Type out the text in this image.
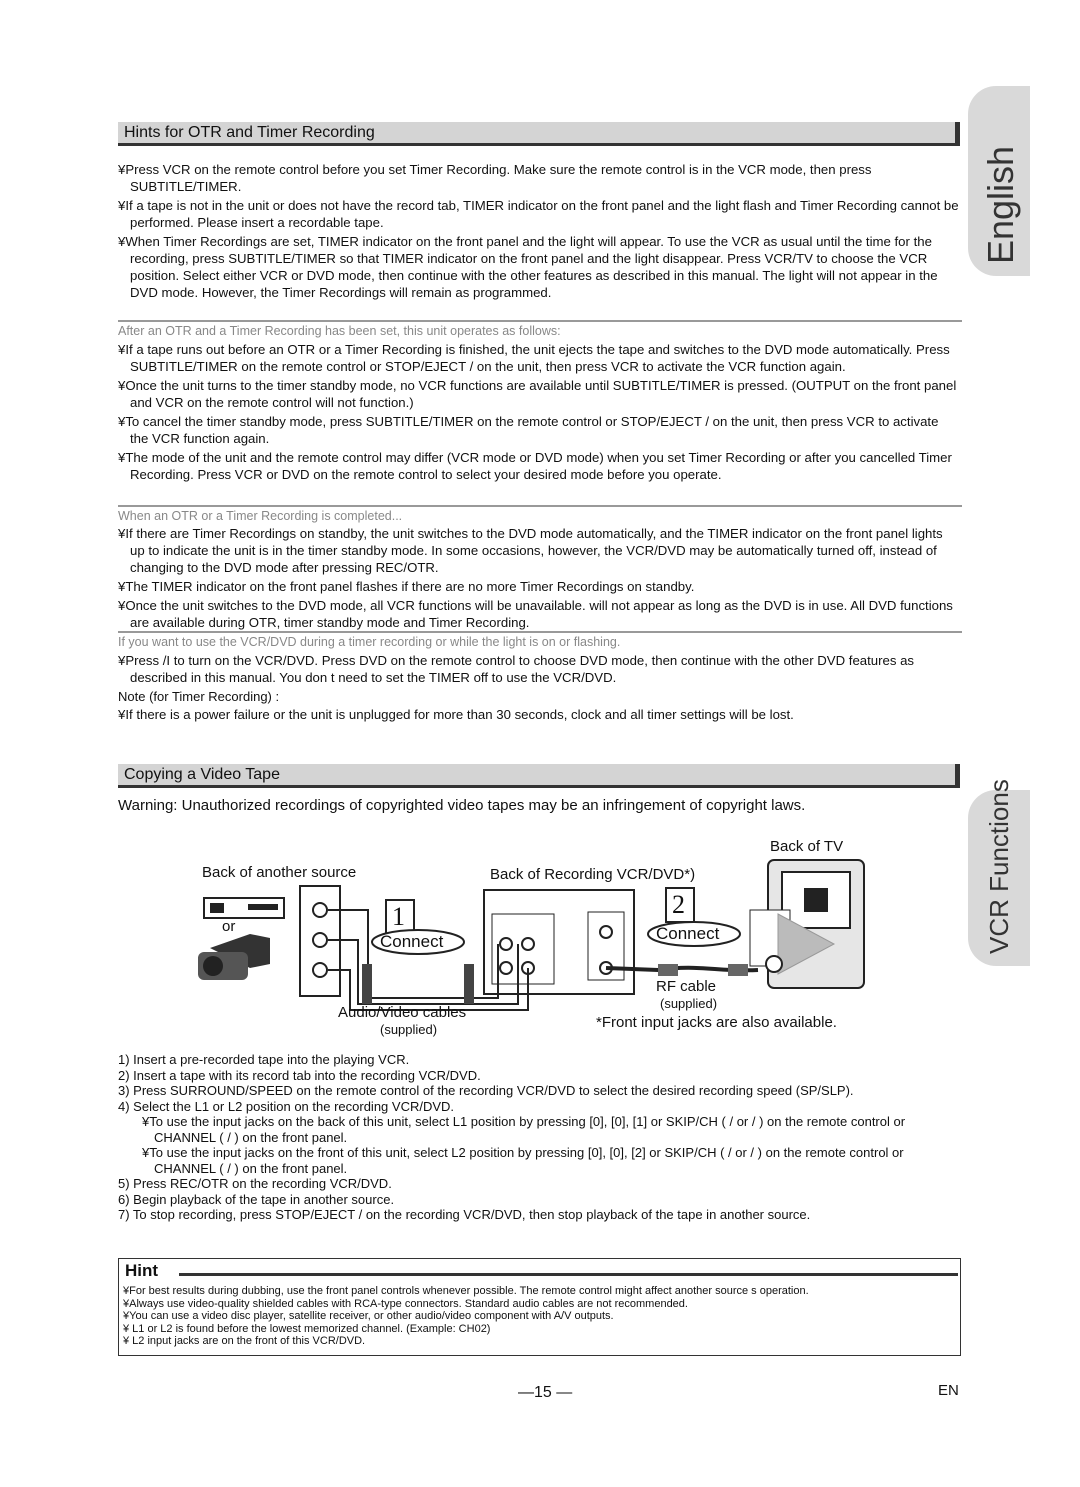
English
VCR Functions
Hints for OTR and Timer Recording

¥Press VCR on the remote control before you set Timer Recording. Make sure the remote control is in the VCR mode, then press SUBTITLE/TIMER.

¥If a tape is not in the unit or does not have the record tab, TIMER indicator on the front panel and the light flash and Timer Recording cannot be performed. Please insert a recordable tape.

¥When Timer Recordings are set, TIMER indicator on the front panel and the light will appear. To use the VCR as usual until the time for the recording, press SUBTITLE/TIMER so that TIMER indicator on the front panel and the light disappear. Press VCR/TV to choose the VCR position. Select either VCR or DVD mode, then continue with the other features as described in this manual. The light will not appear in the DVD mode. However, the Timer Recordings will remain as programmed.

After an OTR and a Timer Recording has been set, this unit operates as follows:

¥If a tape runs out before an OTR or a Timer Recording is finished, the unit ejects the tape and switches to the DVD mode automatically. Press SUBTITLE/TIMER on the remote control or STOP/EJECT / on the unit, then press VCR to activate the VCR function again.

¥Once the unit turns to the timer standby mode, no VCR functions are available until SUBTITLE/TIMER is pressed. (OUTPUT on the front panel and VCR on the remote control will not function.)

¥To cancel the timer standby mode, press SUBTITLE/TIMER on the remote control or STOP/EJECT / on the unit, then press VCR to activate the VCR function again.

¥The mode of the unit and the remote control may differ (VCR mode or DVD mode) when you set Timer Recording or after you cancelled Timer Recording. Press VCR or DVD on the remote control to select your desired mode before you operate.

When an OTR or a Timer Recording is completed...

¥If there are Timer Recordings on standby, the unit switches to the DVD mode automatically, and the TIMER indicator on the front panel lights up to indicate the unit is in the timer standby mode. In some occasions, however, the VCR/DVD may be automatically turned off, instead of changing to the DVD mode after pressing REC/OTR.

¥The TIMER indicator on the front panel flashes if there are no more Timer Recordings on standby.

¥Once the unit switches to the DVD mode, all VCR functions will be unavailable. will not appear as long as the DVD is in use. All DVD functions are available during OTR, timer standby mode and Timer Recording.

If you want to use the VCR/DVD during a timer recording or while the light is on or flashing.

¥Press /I to turn on the VCR/DVD. Press DVD on the remote control to choose DVD mode, then continue with the other DVD features as described in this manual. You don t need to set the TIMER off to use the VCR/DVD.

Note (for Timer Recording) :

¥If there is a power failure or the unit is unplugged for more than 30 seconds, clock and all timer settings will be lost.

Copying a Video Tape
Warning: Unauthorized recordings of copyrighted video tapes may be an infringement of copyright laws.
Back of TV
Back of another source	Back of Recording VCR/DVD*)
or	1
Connect
2
Connect
RF cable
(supplied)
Audio/Video cables
(supplied)	*Front input jacks are also available.
1) Insert a pre-recorded tape into the playing VCR.
2) Insert a tape with its record tab into the recording VCR/DVD.
3) Press SURROUND/SPEED on the remote control of the recording VCR/DVD to select the desired recording speed (SP/SLP).
4) Select the L1 or L2 position on the recording VCR/DVD.
¥To use the input jacks on the back of this unit, select L1 position by pressing [0], [0], [1] or SKIP/CH ( / or / ) on the remote control or CHANNEL ( / ) on the front panel.
¥To use the input jacks on the front of this unit, select L2 position by pressing [0], [0], [2] or SKIP/CH ( / or / ) on the remote control or CHANNEL ( / ) on the front panel.
5) Press REC/OTR on the recording VCR/DVD.
6) Begin playback of the tape in another source.
7) To stop recording, press STOP/EJECT / on the recording VCR/DVD, then stop playback of the tape in another source.
Hint
¥For best results during dubbing, use the front panel controls whenever possible. The remote control might affect another source s operation.
¥Always use video-quality shielded cables with RCA-type connectors. Standard audio cables are not recommended.
¥You can use a video disc player, satellite receiver, or other audio/video component with A/V outputs.
¥ L1 or L2 is found before the lowest memorized channel. (Example: CH02)
¥ L2 input jacks are on the front of this VCR/DVD.
—15 —	EN
